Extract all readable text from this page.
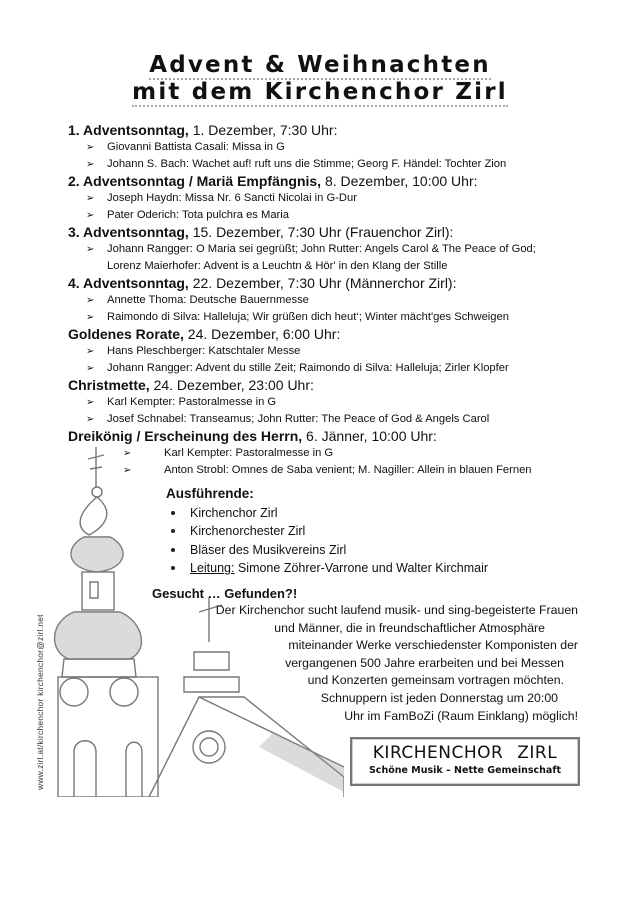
Advent & Weihnachten
mit dem Kirchenchor Zirl

1. Adventsonntag, 1. Dezember, 7:30 Uhr:

➢ Giovanni Battista Casali: Missa in G
➢ Johann S. Bach: Wachet auf! ruft uns die Stimme; Georg F. Händel: Tochter Zion

2. Adventsonntag / Mariä Empfängnis, 8. Dezember, 10:00 Uhr:

➢ Joseph Haydn: Missa Nr. 6 Sancti Nicolai in G-Dur
➢ Pater Oderich: Tota pulchra es Maria

3. Adventsonntag, 15. Dezember, 7:30 Uhr (Frauenchor Zirl):

➢ Johann Rangger: O Maria sei gegrüßt; John Rutter: Angels Carol & The Peace of God;
Lorenz Maierhofer: Advent is a Leuchtn & Hör' in den Klang der Stille

4. Adventsonntag, 22. Dezember, 7:30 Uhr (Männerchor Zirl):

➢ Annette Thoma: Deutsche Bauernmesse
➢ Raimondo di Silva: Halleluja; Wir grüßen dich heut‘; Winter mächt'ges Schweigen

Goldenes Rorate, 24. Dezember, 6:00 Uhr:

➢ Hans Pleschberger: Katschtaler Messe
➢ Johann Rangger: Advent du stille Zeit; Raimondo di Silva: Halleluja; Zirler Klopfer

Christmette, 24. Dezember, 23:00 Uhr:

➢ Karl Kempter: Pastoralmesse in G
➢ Josef Schnabel: Transeamus; John Rutter: The Peace of God & Angels Carol

Dreikönig / Erscheinung des Herrn, 6. Jänner, 10:00 Uhr:

➢	Karl Kempter: Pastoralmesse in G
➢	Anton Strobl: Omnes de Saba venient; M. Nagiller: Allein in blauen Fernen
Ausführende:
Kirchenchor Zirl
Kirchenorchester Zirl
Bläser des Musikvereins Zirl
Leitung: Simone Zöhrer-Varrone und Walter Kirchmair

Gesucht … Gefunden?!

Der Kirchenchor sucht laufend musik- und sing-begeisterte Frauen
und Männer, die in freundschaftlicher Atmosphäre
miteinander Werke verschiedenster Komponisten der
vergangenen 500 Jahre erarbeiten und bei Messen
und Konzerten gemeinsam vortragen möchten.
Schnuppern ist jeden Donnerstag um 20:00
Uhr im FamBoZi (Raum Einklang) möglich!
KIRCHENCHOR ZIRL
Schöne Musik – Nette Gemeinschaft
www.zirl.at/kirchenchor kirchenchor@zirl.net
